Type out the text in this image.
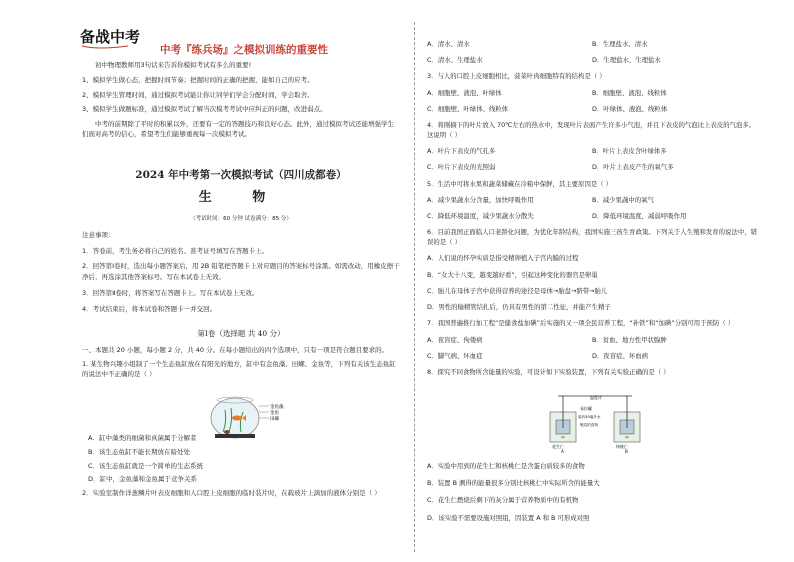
备战中考
中考『练兵场』之模拟训练的重要性

初中物理教师用3句话来告诉你模拟考试有多么的重要!

1、模拟学生做心态，把握时间节奏；把握时间的正确的把握，能如自己的应考。

2、模拟学生管理时间，通过模拟考试能让你让同学们学会分配时间，学会取舍。

3、模拟学生做题标准，通过模拟考试了解当次模考考试中应纠正的问题，改进弱点。

中考的前期除了平时的积累以外，还要有一定的答题技巧和良好心态。此外，通过模拟考试还能增强学生们面对高考的信心，希望考生们能够重视每一次模拟考试。

2024 年中考第一次模拟考试（四川成都卷）
生 物
（考试时间：60 分钟 试卷满分：85 分）

注意事项：

1．答卷前，考生务必将自己的姓名、准考证号填写在答题卡上。

2．回答第Ⅰ卷时，选出每小题答案后，用 2B 铅笔把答题卡上对应题目的答案标号涂黑。如需改动，用橡皮擦干净后，再选涂其他答案标号。写在本试卷上无效。

3．回答第Ⅱ卷时，将答案写在答题卡上。写在本试卷上无效。

4．考试结束后，将本试卷和答题卡一并交回。

第Ⅰ卷（选择题 共 40 分）

一、本题共 20 小题，每小题 2 分，共 40 分。在每小题给出的四个选项中，只有一项是符合题目要求的。

1. 某生物兴趣小组制了一个生态鱼缸放在有阳光的地方，缸中有金鱼藻、田螺、金鱼等，下列有关该生态鱼缸的说法中不正确的是（ ）

A．缸中藻类的细菌和真菌属于分解者

B．该生态鱼缸不能长期放在暗处处

C．该生态鱼缸就是一个简单的生态系统

D．缸中，金鱼藻和金鱼属于竞争关系

2．实验室制作洋葱鳞片叶表皮细胞和人口腔上皮细胞的临时装片时，在载玻片上滴加的液体分别是（ ）

金鱼藻
金鱼
田螺

A．清水、清水	B．生理盐水、清水

C．清水、生理盐水	D．生理盐水、生理盐水

3．与人的口腔上皮细胞相比，菠菜叶肉细胞特有的结构是（ ）

A．细胞壁、液泡、叶绿体	B．细胞壁、液泡、线粒体

C．细胞壁、叶绿体、线粒体	D．叶绿体、液泡、线粒体

4．将刚摘下的叶片放入 70℃左右的热水中，发现叶片表面产生许多小气泡，并且下表皮的气泡比上表皮的气泡多。这说明（ ）

A．叶片下表皮的气孔多	B．叶片上表皮含叶绿体多

C．叶片下表皮的光照弱	D．叶片上表皮产生的氧气多

5．生活中可将水果和蔬菜储藏在冷箱中保鲜，其主要原因是（ ）

A．减少果蔬水分含量，加快呼吸作用	B．减少果蔬中的氧气

C．降低环境温度，减少果蔬水分散失	D．降低环境温度，减弱呼吸作用

6．目前我国正面临人口老龄化问题，为优化年龄结构，我国实施三孩生育政策。下列关于人生殖和发育的说法中，错误的是（ ）

A．人们说的怀孕实质是指受精卵植入子宫内膜的过程

B．“女大十八变，越变越好看”，引起这种变化的器官是卵巢

C．胎儿在母体子宫中获得营养的途径是母体→胎盘→脐带→胎儿

D．男性的输精管结扎后，仍具有男性的第二性征，并能产生精子

7．我国普遍推行加工程“是健食盐加碘”后实施的又一项全民营养工程，“补铁”和“加碘”分别可用于预防（ ）

A．夜盲症、佝偻病	B．贫血、地方性甲状腺肿

C．脚气病、坏血症	D．夜盲症、坏血病

8．探究不同食物所含能量的实验，可设计如下实验装置，下列有关实验正确的是（ ）

温度计
易拉罐
装有30毫升水
燃烧的食物
花生仁	核桃仁
A	B

A．实验中用到的花生仁和核桃仁是含蛋白质较多的食物

B．装置 B 测得的能量很多分别比核桃仁中实际所含的能量大

C．花生仁燃烧后剩下的灰分属于营养物质中的有机物

D．该实验不需要设施对照组，因装置 A 和 B 可形成对照
